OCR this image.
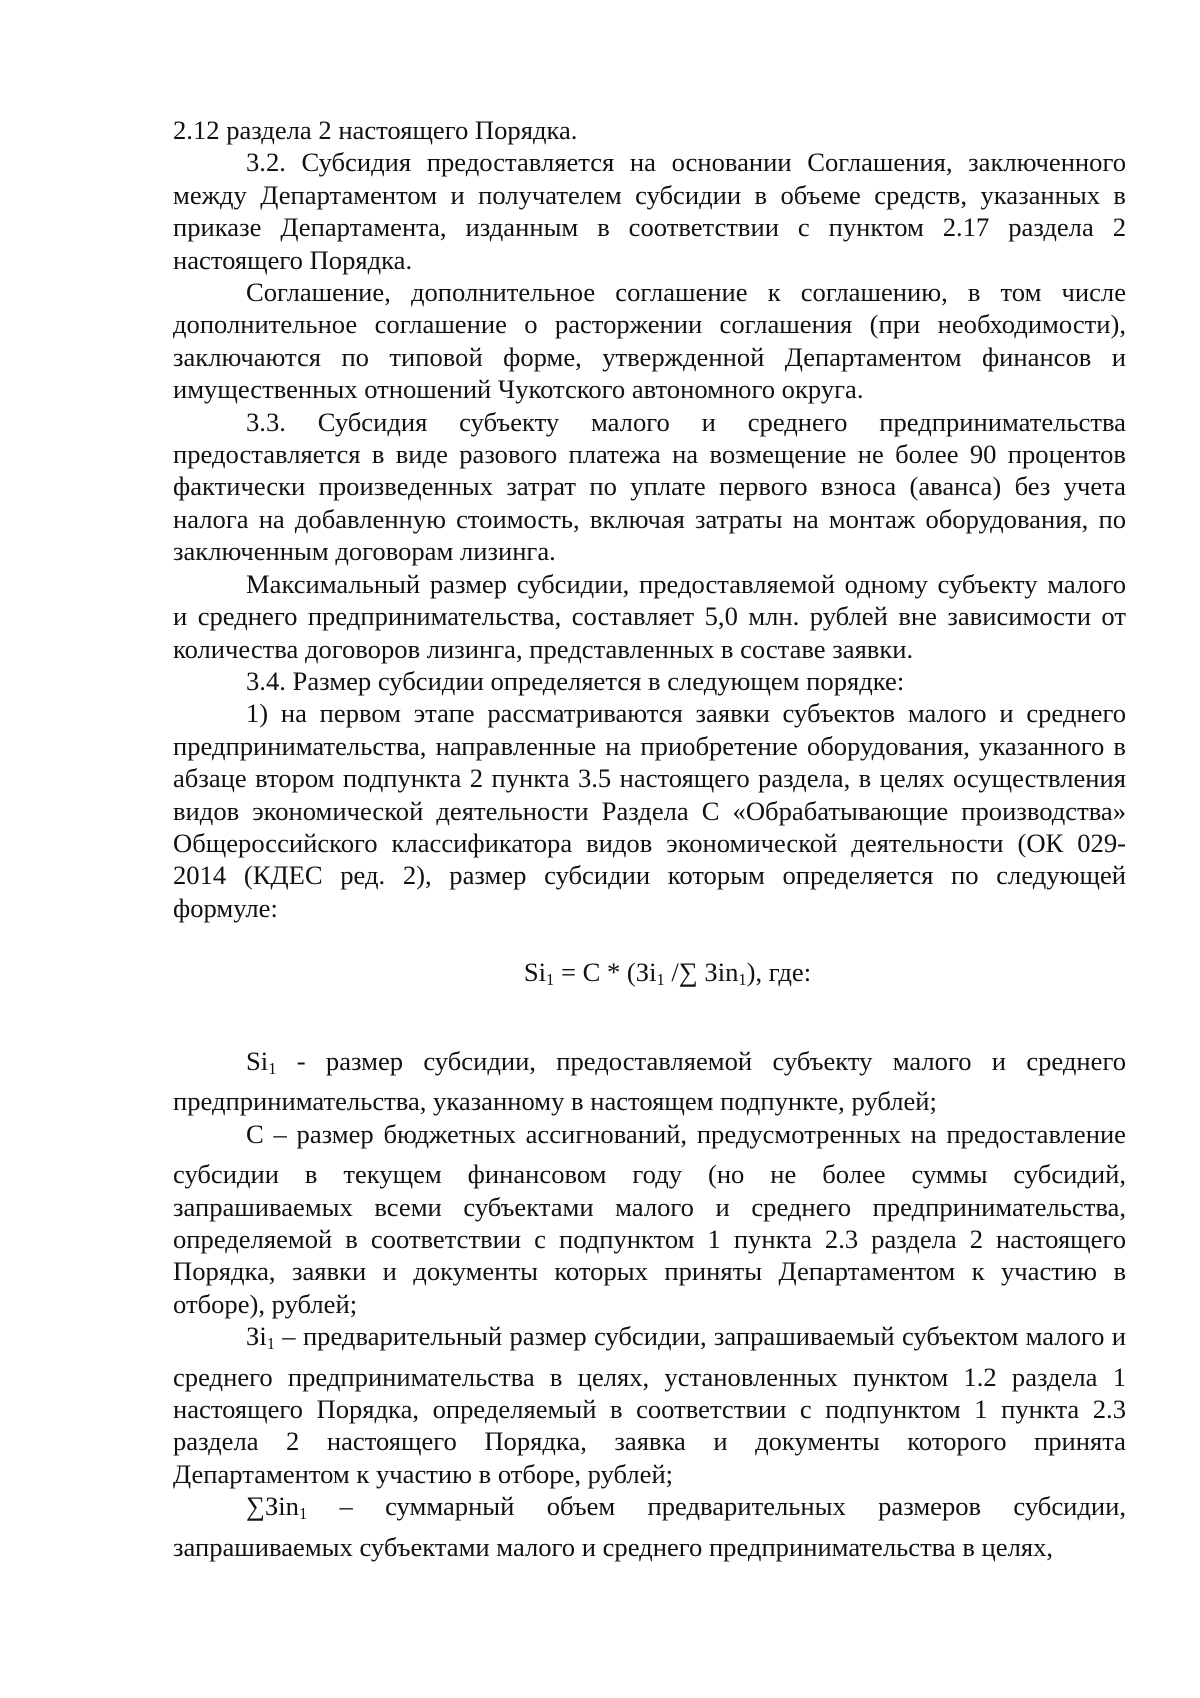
2.12 раздела 2 настоящего Порядка.

3.2. Субсидия предоставляется на основании Соглашения, заключенного между Департаментом и получателем субсидии в объеме средств, указанных в приказе Департамента, изданным в соответствии с пунктом 2.17 раздела 2 настоящего Порядка.

Соглашение, дополнительное соглашение к соглашению, в том числе дополнительное соглашение о расторжении соглашения (при необходимости), заключаются по типовой форме, утвержденной Департаментом финансов и имущественных отношений Чукотского автономного округа.

3.3. Субсидия субъекту малого и среднего предпринимательства предоставляется в виде разового платежа на возмещение не более 90 процентов фактически произведенных затрат по уплате первого взноса (аванса) без учета налога на добавленную стоимость, включая затраты на монтаж оборудования, по заключенным договорам лизинга.

Максимальный размер субсидии, предоставляемой одному субъекту малого и среднего предпринимательства, составляет 5,0 млн. рублей вне зависимости от количества договоров лизинга, представленных в составе заявки.

3.4. Размер субсидии определяется в следующем порядке:

1) на первом этапе рассматриваются заявки субъектов малого и среднего предпринимательства, направленные на приобретение оборудования, указанного в абзаце втором подпункта 2 пункта 3.5 настоящего раздела, в целях осуществления видов экономической деятельности Раздела С «Обрабатывающие производства» Общероссийского классификатора видов экономической деятельности (ОК 029-2014 (КДЕС ред. 2), размер субсидии которым определяется по следующей формуле:

$Si_1 = С * (Зi_1$ /∑ Зin$_1$), где:

$Si_1$ - размер субсидии, предоставляемой субъекту малого и среднего предпринимательства, указанному в настоящем подпункте, рублей;

С – размер бюджетных ассигнований, предусмотренных на предоставление субсидии в текущем финансовом году (но не более суммы субсидий, запрашиваемых всеми субъектами малого и среднего предпринимательства, определяемой в соответствии с подпунктом 1 пункта 2.3 раздела 2 настоящего Порядка, заявки и документы которых приняты Департаментом к участию в отборе), рублей;

$Зi_1$ – предварительный размер субсидии, запрашиваемый субъектом малого и среднего предпринимательства в целях, установленных пунктом 1.2 раздела 1 настоящего Порядка, определяемый в соответствии с подпунктом 1 пункта 2.3 раздела 2 настоящего Порядка, заявка и документы которого принята Департаментом к участию в отборе, рублей;

∑Зin$_1$ – суммарный объем предварительных размеров субсидии, запрашиваемых субъектами малого и среднего предпринимательства в целях,
